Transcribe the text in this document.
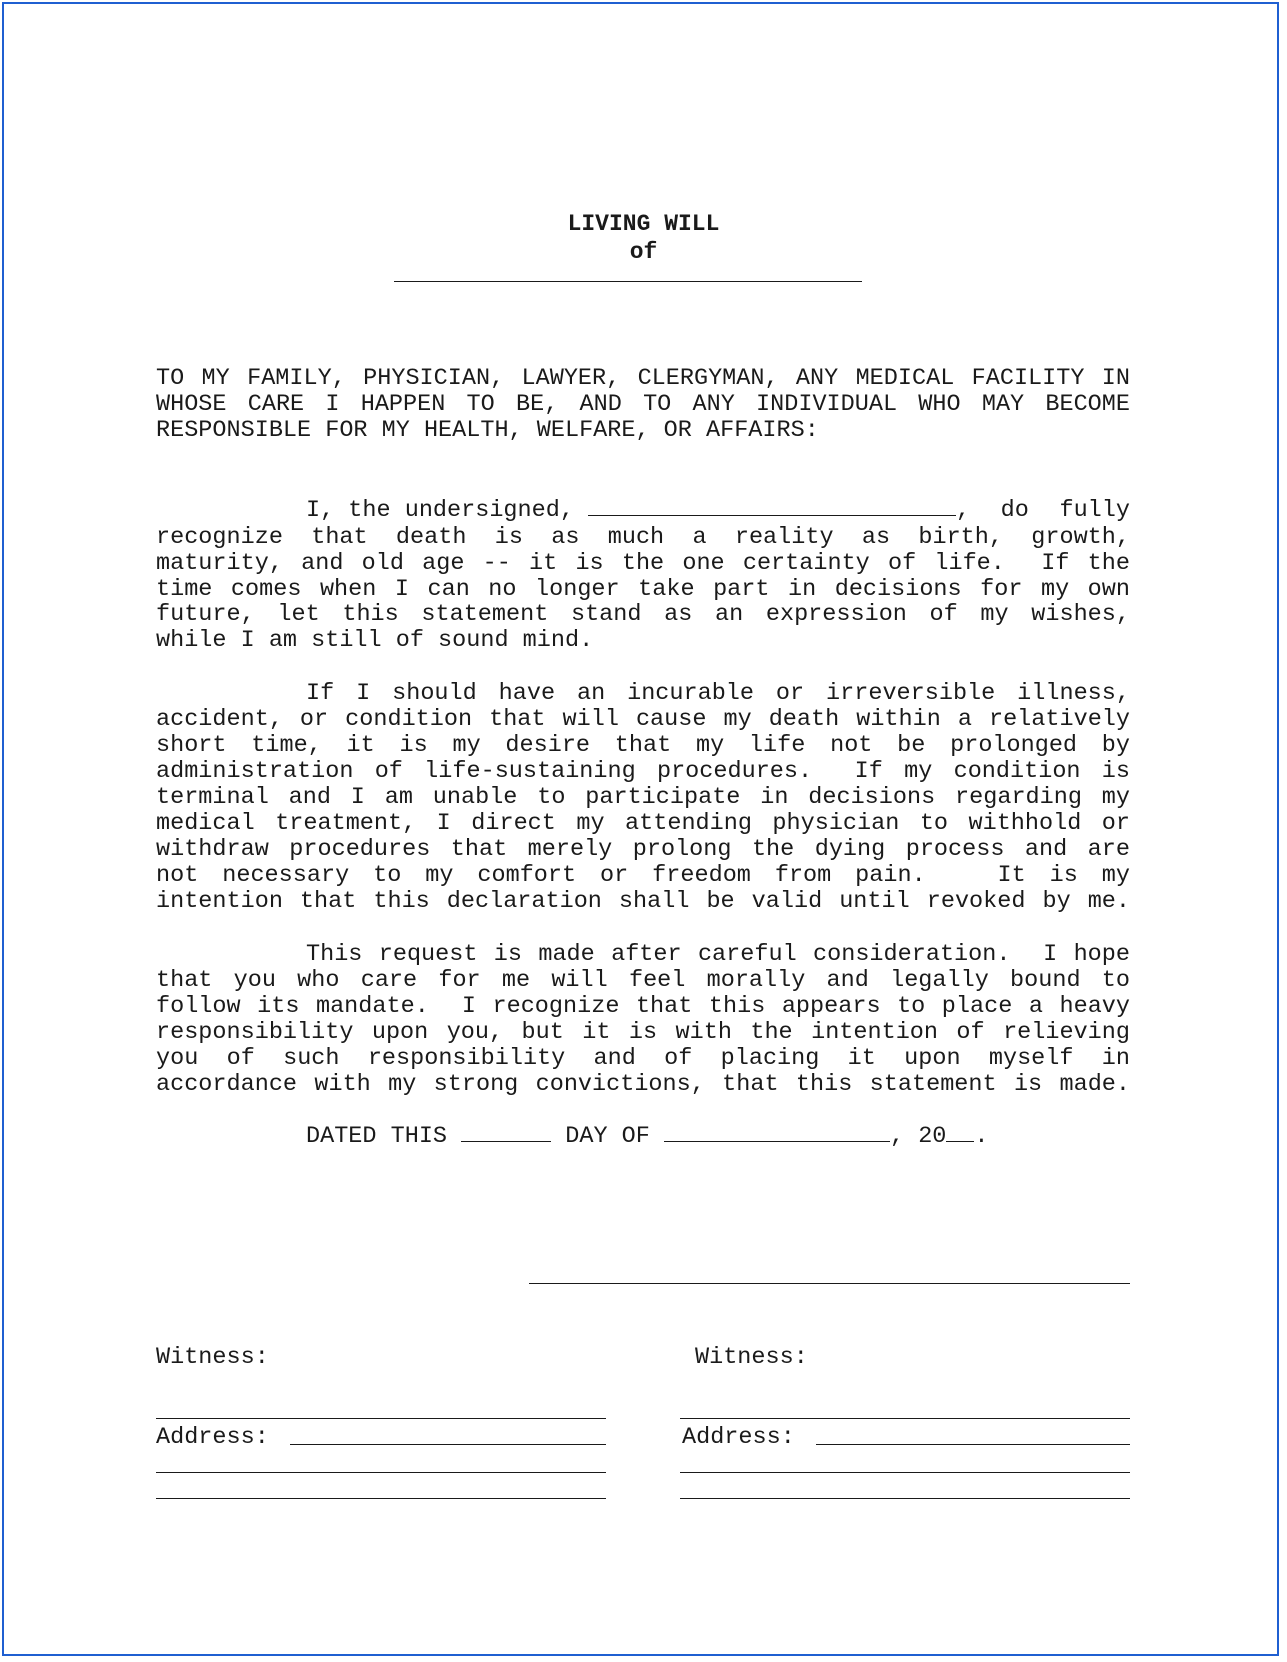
LIVING WILL
of
TO MY FAMILY, PHYSICIAN, LAWYER, CLERGYMAN, ANY MEDICAL FACILITY IN
WHOSE CARE I HAPPEN TO BE, AND TO ANY INDIVIDUAL WHO MAY BECOME
RESPONSIBLE FOR MY HEALTH, WELFARE, OR AFFAIRS:
I, the undersigned,	, do fully
recognize that death is as much a reality as birth, growth,
maturity, and old age -- it is the one certainty of life.  If the
time comes when I can no longer take part in decisions for my own
future, let this statement stand as an expression of my wishes,
while I am still of sound mind.
If I should have an incurable or irreversible illness,
accident, or condition that will cause my death within a relatively
short time, it is my desire that my life not be prolonged by
administration of life-sustaining procedures.  If my condition is
terminal and I am unable to participate in decisions regarding my
medical treatment, I direct my attending physician to withhold or
withdraw procedures that merely prolong the dying process and are
not necessary to my comfort or freedom from pain.   It is my
intention that this declaration shall be valid until revoked by me.
This request is made after careful consideration.  I hope
that you who care for me will feel morally and legally bound to
follow its mandate.  I recognize that this appears to place a heavy
responsibility upon you, but it is with the intention of relieving
you of such responsibility and of placing it upon myself in
accordance with my strong convictions, that this statement is made.
DATED THIS	DAY OF	, 20 .
Witness:	Witness:
Address:	Address:
